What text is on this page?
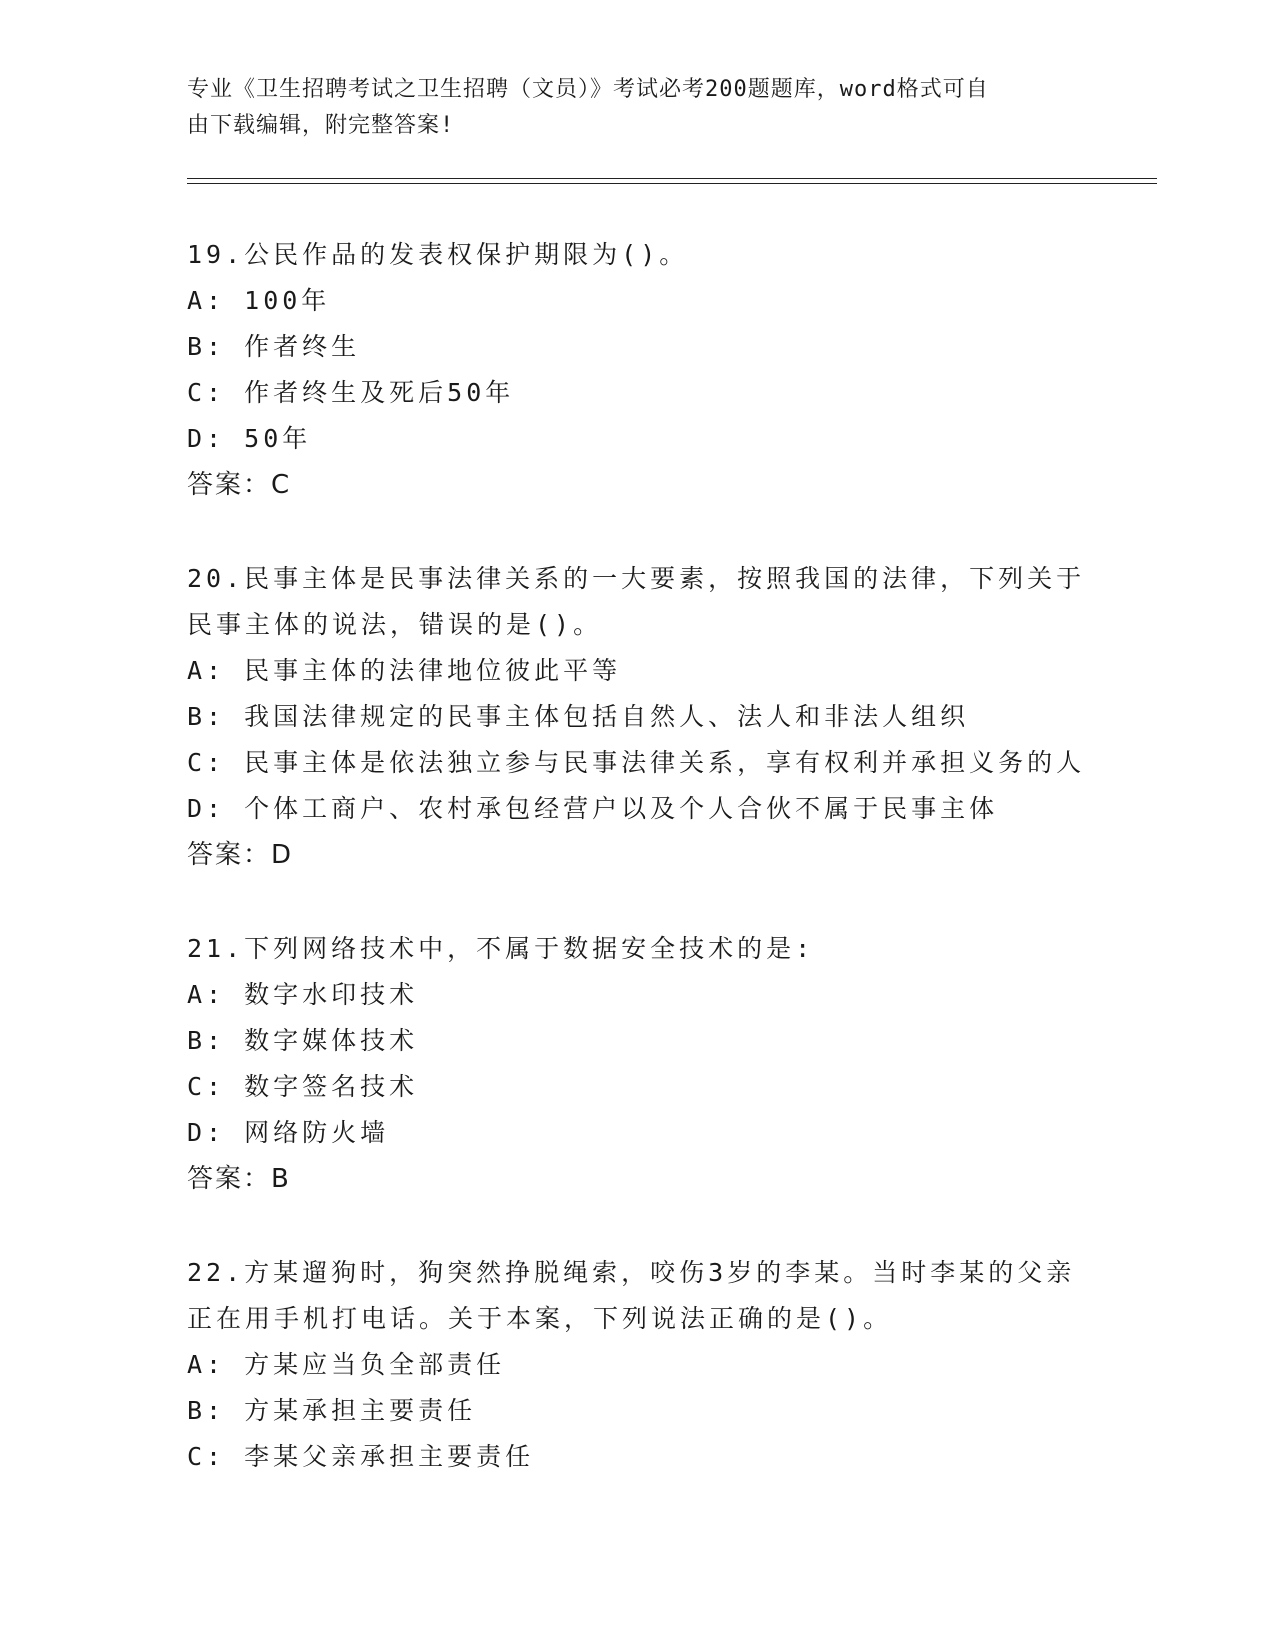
专业《卫生招聘考试之卫生招聘（文员）》考试必考200题题库，word格式可自
由下载编辑，附完整答案!
19.公民作品的发表权保护期限为()。
A: 100年
B: 作者终生
C: 作者终生及死后50年
D: 50年
答案：C
20.民事主体是民事法律关系的一大要素，按照我国的法律，下列关于
民事主体的说法，错误的是()。
A: 民事主体的法律地位彼此平等
B: 我国法律规定的民事主体包括自然人、法人和非法人组织
C: 民事主体是依法独立参与民事法律关系，享有权利并承担义务的人
D: 个体工商户、农村承包经营户以及个人合伙不属于民事主体
答案：D
21.下列网络技术中，不属于数据安全技术的是:
A: 数字水印技术
B: 数字媒体技术
C: 数字签名技术
D: 网络防火墙
答案：B
22.方某遛狗时，狗突然挣脱绳索，咬伤3岁的李某。当时李某的父亲
正在用手机打电话。关于本案，下列说法正确的是()。
A: 方某应当负全部责任
B: 方某承担主要责任
C: 李某父亲承担主要责任
